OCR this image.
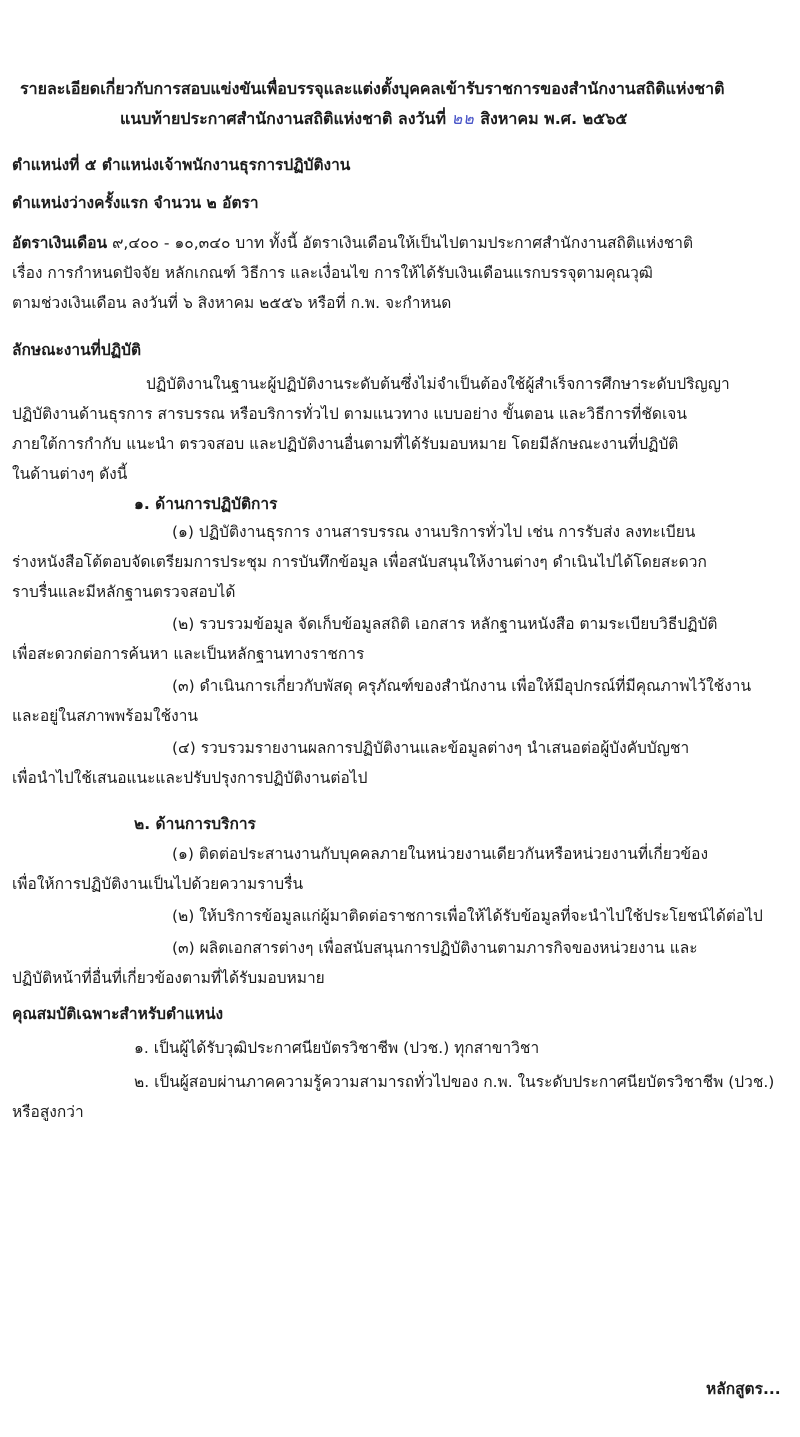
รายละเอียดเกี่ยวกับการสอบแข่งขันเพื่อบรรจุและแต่งตั้งบุคคลเข้ารับราชการของสำนักงานสถิติแห่งชาติ
แนบท้ายประกาศสำนักงานสถิติแห่งชาติ ลงวันที่ ๒๒ สิงหาคม พ.ศ. ๒๕๖๕
ตำแหน่งที่ ๕ ตำแหน่งเจ้าพนักงานธุรการปฏิบัติงาน
ตำแหน่งว่างครั้งแรก จำนวน ๒ อัตรา
อัตราเงินเดือน ๙,๔๐๐ - ๑๐,๓๔๐ บาท ทั้งนี้ อัตราเงินเดือนให้เป็นไปตามประกาศสำนักงานสถิติแห่งชาติ
เรื่อง การกำหนดปัจจัย หลักเกณฑ์ วิธีการ และเงื่อนไข การให้ได้รับเงินเดือนแรกบรรจุตามคุณวุฒิ
ตามช่วงเงินเดือน ลงวันที่ ๖ สิงหาคม ๒๕๕๖ หรือที่ ก.พ. จะกำหนด
ลักษณะงานที่ปฏิบัติ
ปฏิบัติงานในฐานะผู้ปฏิบัติงานระดับต้นซึ่งไม่จำเป็นต้องใช้ผู้สำเร็จการศึกษาระดับปริญญา
ปฏิบัติงานด้านธุรการ สารบรรณ หรือบริการทั่วไป ตามแนวทาง แบบอย่าง ขั้นตอน และวิธีการที่ชัดเจน
ภายใต้การกำกับ แนะนำ ตรวจสอบ และปฏิบัติงานอื่นตามที่ได้รับมอบหมาย โดยมีลักษณะงานที่ปฏิบัติ
ในด้านต่างๆ ดังนี้
๑. ด้านการปฏิบัติการ
(๑) ปฏิบัติงานธุรการ งานสารบรรณ งานบริการทั่วไป เช่น การรับส่ง ลงทะเบียน
ร่างหนังสือโต้ตอบจัดเตรียมการประชุม การบันทึกข้อมูล เพื่อสนับสนุนให้งานต่างๆ ดำเนินไปได้โดยสะดวก
ราบรื่นและมีหลักฐานตรวจสอบได้
(๒) รวบรวมข้อมูล จัดเก็บข้อมูลสถิติ เอกสาร หลักฐานหนังสือ ตามระเบียบวิธีปฏิบัติ
เพื่อสะดวกต่อการค้นหา และเป็นหลักฐานทางราชการ
(๓) ดำเนินการเกี่ยวกับพัสดุ ครุภัณฑ์ของสำนักงาน เพื่อให้มีอุปกรณ์ที่มีคุณภาพไว้ใช้งาน
และอยู่ในสภาพพร้อมใช้งาน
(๔) รวบรวมรายงานผลการปฏิบัติงานและข้อมูลต่างๆ นำเสนอต่อผู้บังคับบัญชา
เพื่อนำไปใช้เสนอแนะและปรับปรุงการปฏิบัติงานต่อไป
๒. ด้านการบริการ
(๑) ติดต่อประสานงานกับบุคคลภายในหน่วยงานเดียวกันหรือหน่วยงานที่เกี่ยวข้อง
เพื่อให้การปฏิบัติงานเป็นไปด้วยความราบรื่น
(๒) ให้บริการข้อมูลแก่ผู้มาติดต่อราชการเพื่อให้ได้รับข้อมูลที่จะนำไปใช้ประโยชน์ได้ต่อไป
(๓) ผลิตเอกสารต่างๆ เพื่อสนับสนุนการปฏิบัติงานตามภารกิจของหน่วยงาน และ
ปฏิบัติหน้าที่อื่นที่เกี่ยวข้องตามที่ได้รับมอบหมาย
คุณสมบัติเฉพาะสำหรับตำแหน่ง
๑. เป็นผู้ได้รับวุฒิประกาศนียบัตรวิชาชีพ (ปวช.) ทุกสาขาวิชา
๒. เป็นผู้สอบผ่านภาคความรู้ความสามารถทั่วไปของ ก.พ. ในระดับประกาศนียบัตรวิชาชีพ (ปวช.)
หรือสูงกว่า
หลักสูตร...
